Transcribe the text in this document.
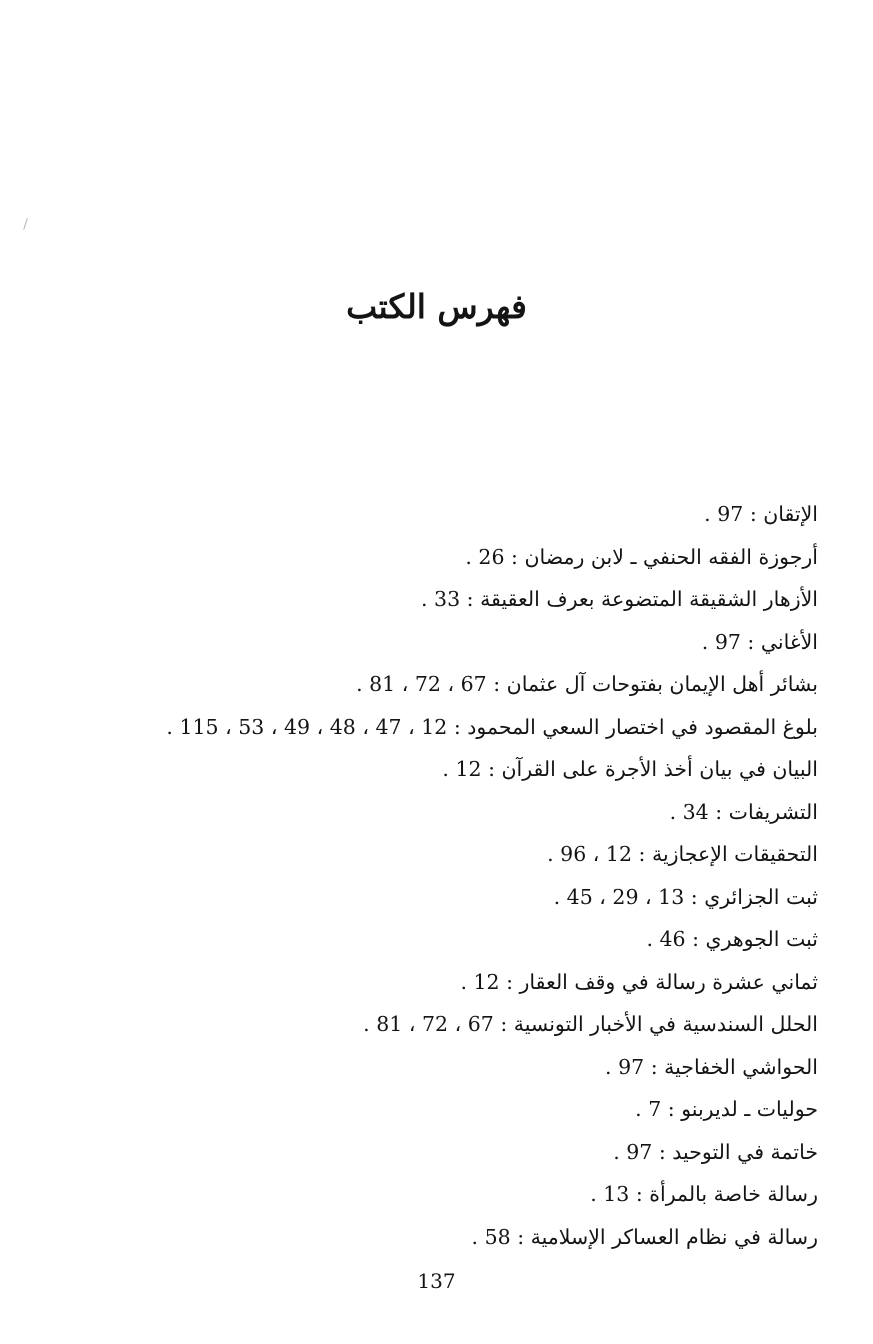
فهرس الكتب
الإتقان : 97 .
أرجوزة الفقه الحنفي ـ لابن رمضان : 26 .
الأزهار الشقيقة المتضوعة بعرف العقيقة : 33 .
الأغاني : 97 .
بشائر أهل الإيمان بفتوحات آل عثمان : 67 ، 72 ، 81 .
بلوغ المقصود في اختصار السعي المحمود : 12 ، 47 ، 48 ، 49 ، 53 ، 115 .
البيان في بيان أخذ الأجرة على القرآن : 12 .
التشريفات : 34 .
التحقيقات الإعجازية : 12 ، 96 .
ثبت الجزائري : 13 ، 29 ، 45 .
ثبت الجوهري : 46 .
ثماني عشرة رسالة في وقف العقار : 12 .
الحلل السندسية في الأخبار التونسية : 67 ، 72 ، 81 .
الحواشي الخفاجية : 97 .
حوليات ـ لديربنو : 7 .
خاتمة في التوحيد : 97 .
رسالة خاصة بالمرأة : 13 .
رسالة في نظام العساكر الإسلامية : 58 .
137
